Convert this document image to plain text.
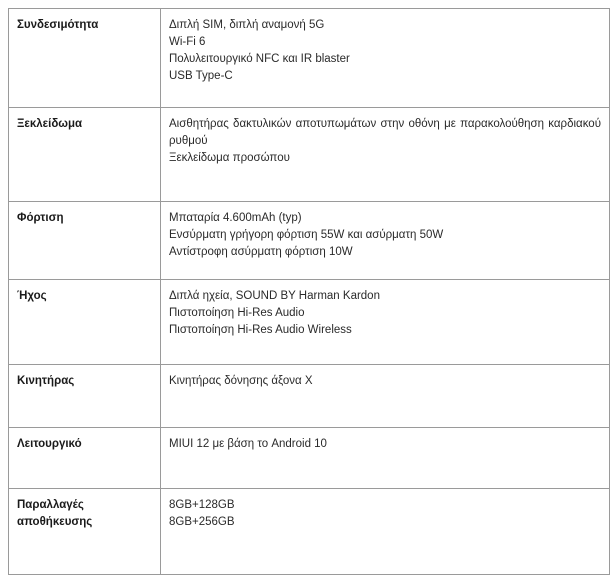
Συνδεσιμότητα	Διπλή SIM, διπλή αναμονή 5G
Wi-Fi 6
Πολυλειτουργικό NFC και IR blaster
USB Type-C

Ξεκλείδωμα	Αισθητήρας δακτυλικών αποτυπωμάτων στην οθόνη με παρακολούθηση καρδιακού ρυθμού
Ξεκλείδωμα προσώπου

Φόρτιση	Μπαταρία 4.600mAh (typ)
Ενσύρματη γρήγορη φόρτιση 55W και ασύρματη 50W
Αντίστροφη ασύρματη φόρτιση 10W

Ήχος	Διπλά ηχεία, SOUND BY Harman Kardon
Πιστοποίηση Hi-Res Audio
Πιστοποίηση Hi-Res Audio Wireless

Κινητήρας	Κινητήρας δόνησης άξονα X

Λειτουργικό	MIUI 12 με βάση το Android 10

Παραλλαγές αποθήκευσης	8GB+128GB
8GB+256GB
